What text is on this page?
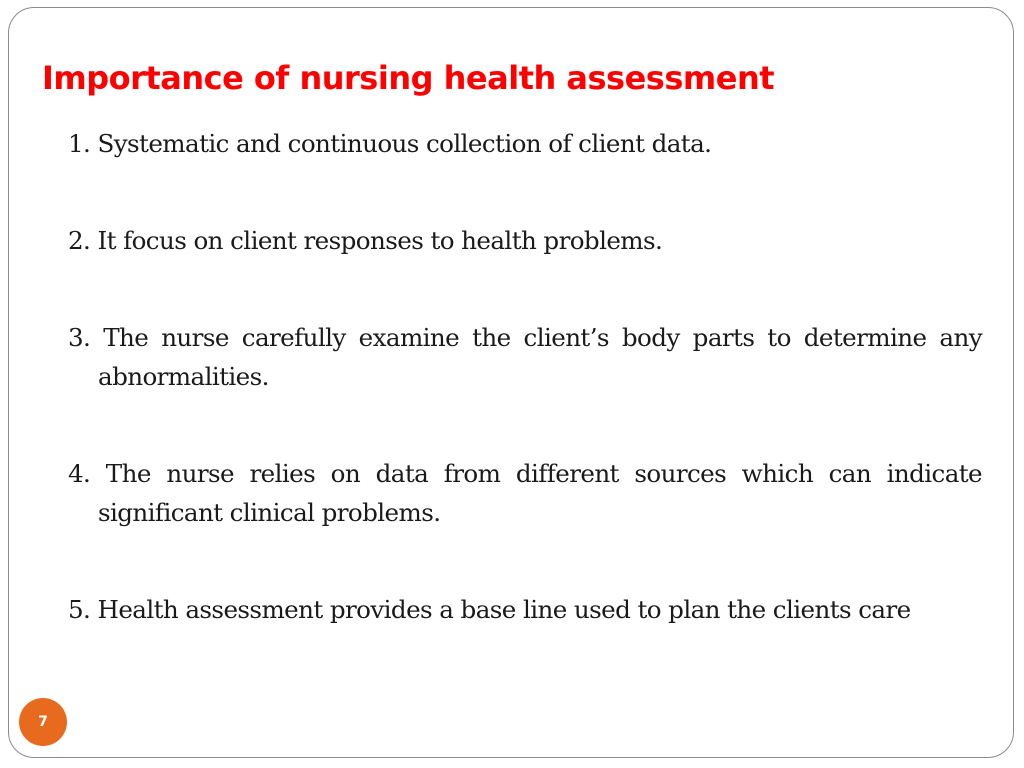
Importance of nursing health assessment
1. Systematic and continuous collection of client data.
2. It focus on client responses to health problems.
3. The nurse carefully examine the client’s body parts to determine any abnormalities.
4. The nurse relies on data from different sources which can indicate significant clinical problems.
5. Health assessment provides a base line used to plan the clients care
7
